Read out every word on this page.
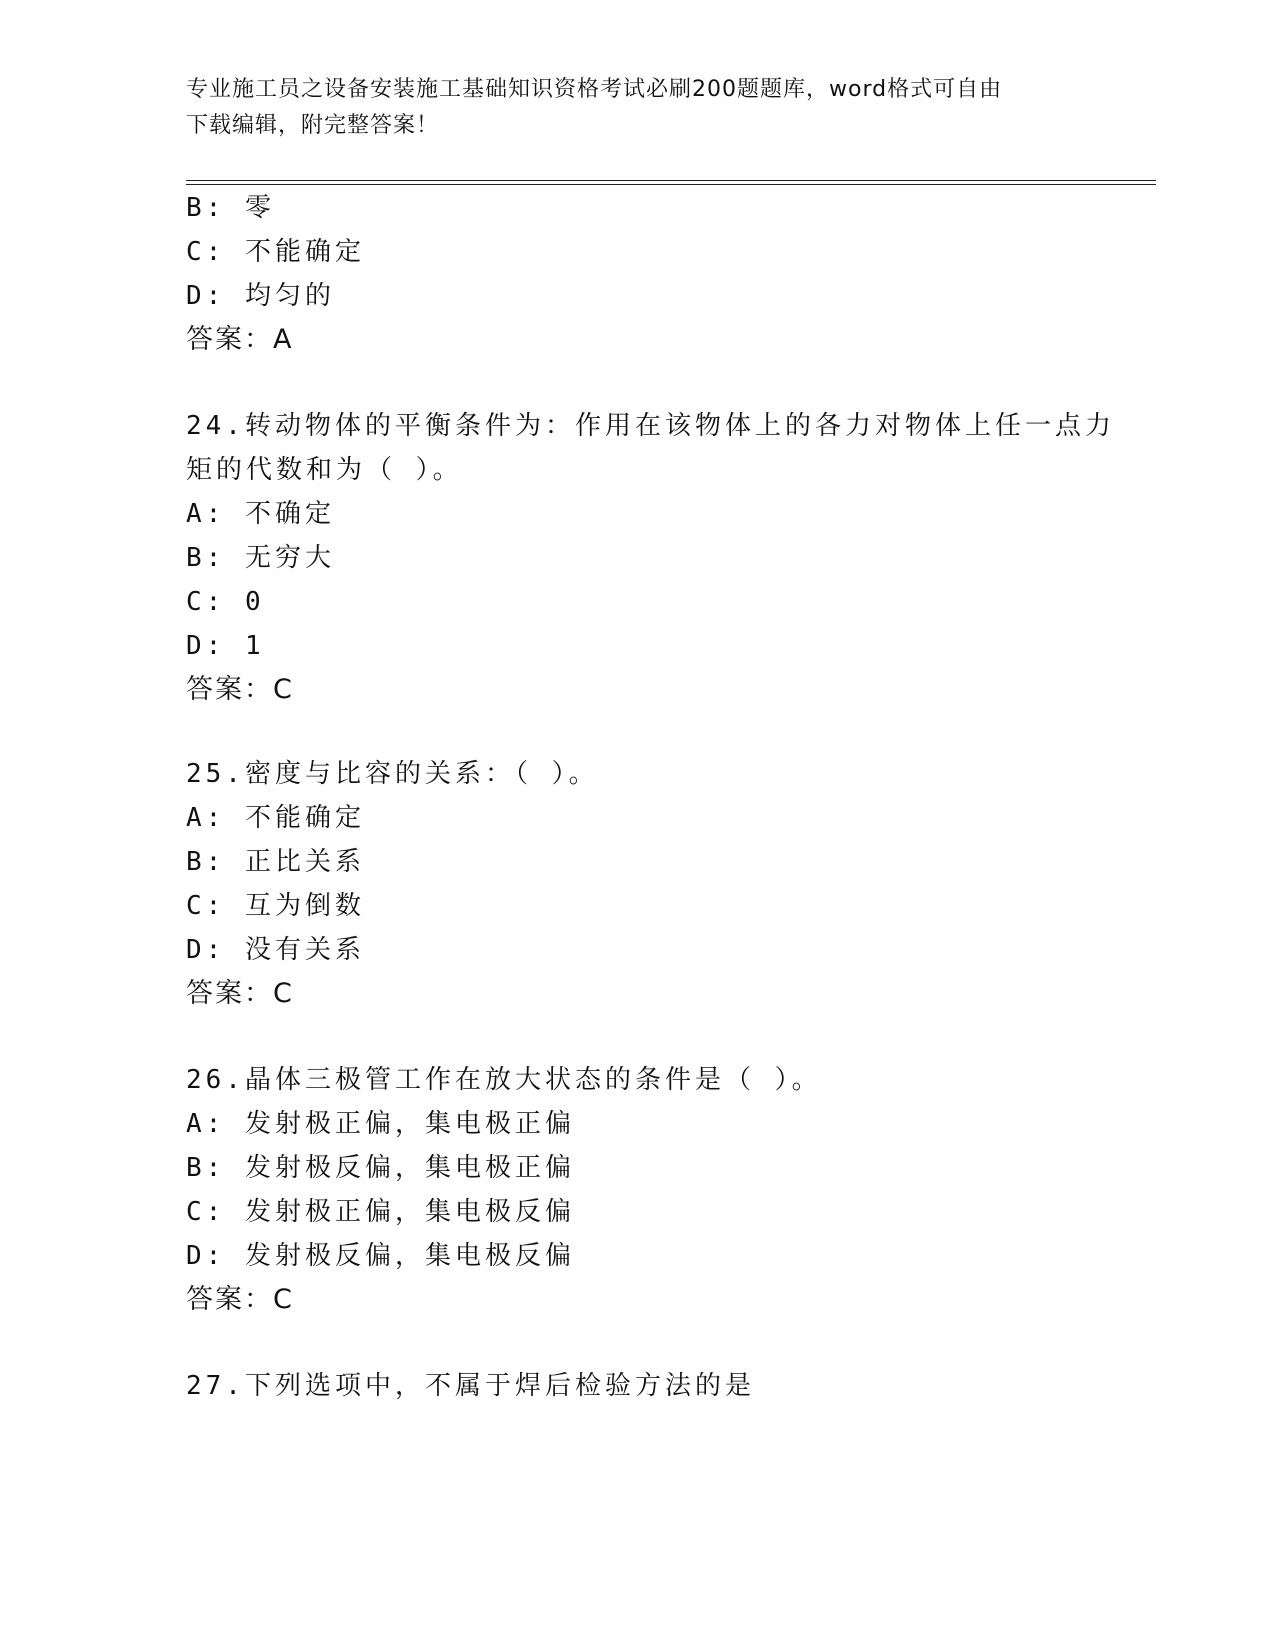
专业施工员之设备安装施工基础知识资格考试必刷200题题库，word格式可自由
下载编辑，附完整答案！
B: 零
C: 不能确定
D: 均匀的
答案：A
24.转动物体的平衡条件为：作用在该物体上的各力对物体上任一点力
矩的代数和为（ ）。
A: 不确定
B: 无穷大
C: 0
D: 1
答案：C
25.密度与比容的关系：（ ）。
A: 不能确定
B: 正比关系
C: 互为倒数
D: 没有关系
答案：C
26.晶体三极管工作在放大状态的条件是（ ）。
A: 发射极正偏，集电极正偏
B: 发射极反偏，集电极正偏
C: 发射极正偏，集电极反偏
D: 发射极反偏，集电极反偏
答案：C
27.下列选项中，不属于焊后检验方法的是
